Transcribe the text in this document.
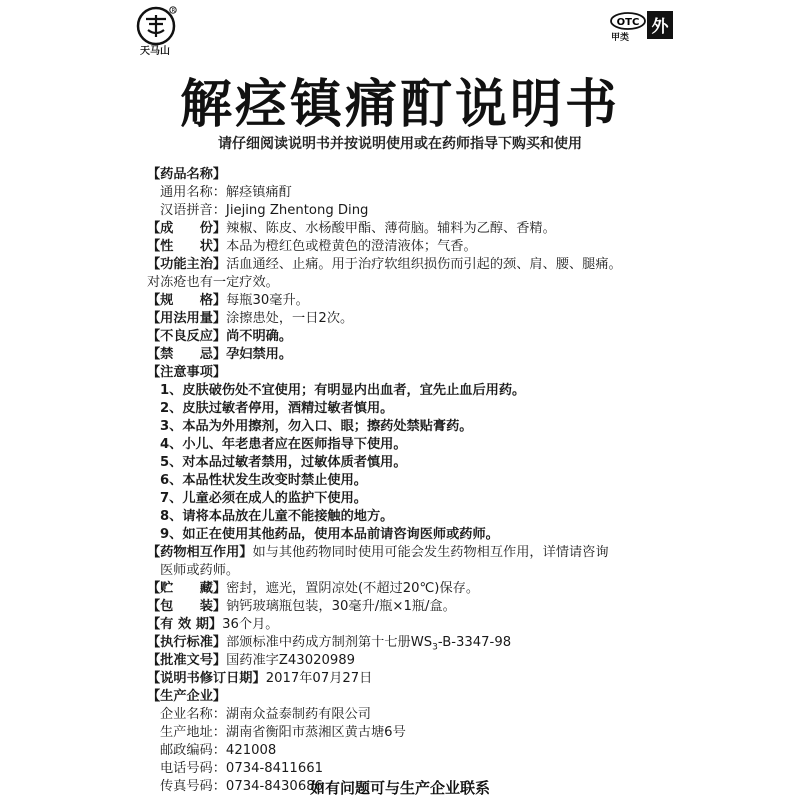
R
天马山
OTC 外
甲类
解痉镇痛酊说明书
请仔细阅读说明书并按说明使用或在药师指导下购买和使用
【药品名称】
通用名称：解痉镇痛酊
汉语拼音：Jiejing Zhentong Ding
【成　　份】辣椒、陈皮、水杨酸甲酯、薄荷脑。辅料为乙醇、香精。
【性　　状】本品为橙红色或橙黄色的澄清液体；气香。
【功能主治】活血通经、止痛。用于治疗软组织损伤而引起的颈、肩、腰、腿痛。
对冻疮也有一定疗效。
【规　　格】每瓶30毫升。
【用法用量】涂擦患处，一日2次。
【不良反应】尚不明确。
【禁　　忌】孕妇禁用。
【注意事项】
1、皮肤破伤处不宜使用；有明显内出血者，宜先止血后用药。
2、皮肤过敏者停用，酒精过敏者慎用。
3、本品为外用擦剂，勿入口、眼；擦药处禁贴膏药。
4、小儿、年老患者应在医师指导下使用。
5、对本品过敏者禁用，过敏体质者慎用。
6、本品性状发生改变时禁止使用。
7、儿童必须在成人的监护下使用。
8、请将本品放在儿童不能接触的地方。
9、如正在使用其他药品，使用本品前请咨询医师或药师。
【药物相互作用】如与其他药物同时使用可能会发生药物相互作用，详情请咨询
医师或药师。
【贮　　藏】密封，遮光，置阴凉处(不超过20℃)保存。
【包　　装】钠钙玻璃瓶包装，30毫升/瓶×1瓶/盒。
【有 效 期】36个月。
【执行标准】部颁标准中药成方制剂第十七册$WS_3-B-3347-98$
【批准文号】国药准字Z43020989
【说明书修订日期】2017年07月27日
【生产企业】
企业名称：湖南众益泰制药有限公司
生产地址：湖南省衡阳市蒸湘区黄古塘6号
邮政编码：421008
电话号码：0734-8411661
传真号码：0734-8430686
如有问题可与生产企业联系
